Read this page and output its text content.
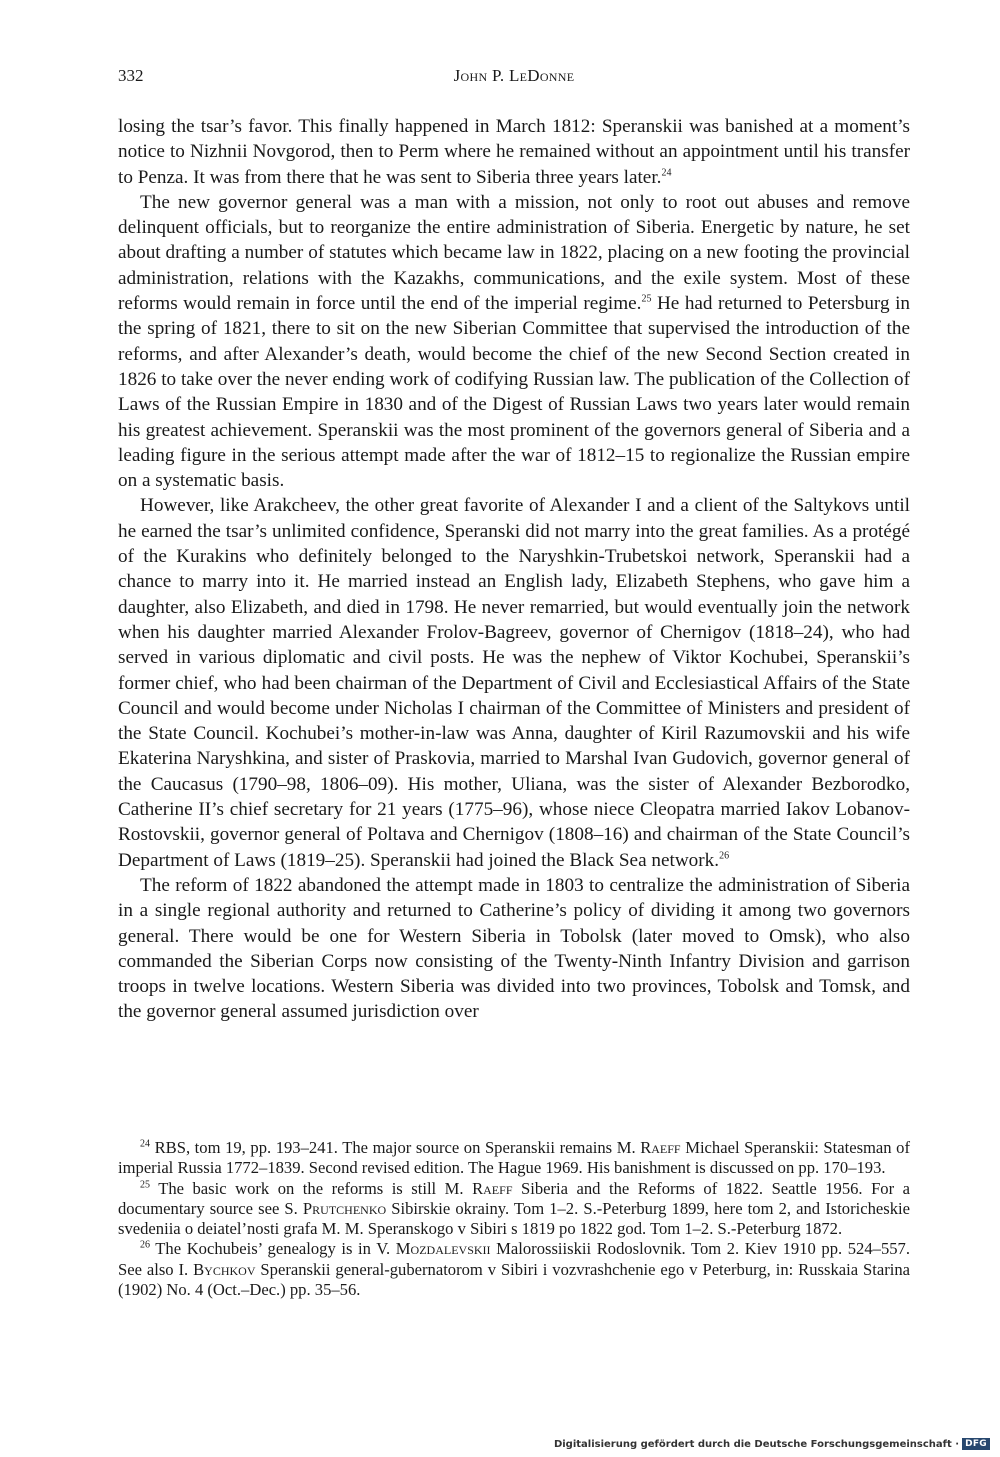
332	John P. LeDonne

losing the tsar’s favor. This finally happened in March 1812: Speranskii was banished at a moment’s notice to Nizhnii Novgorod, then to Perm where he remained without an appointment until his transfer to Penza. It was from there that he was sent to Siberia three years later.$^{24}$

The new governor general was a man with a mission, not only to root out abuses and remove delinquent officials, but to reorganize the entire administration of Siberia. Energetic by nature, he set about drafting a number of statutes which became law in 1822, placing on a new footing the provincial administration, relations with the Kazakhs, communications, and the exile system. Most of these reforms would remain in force until the end of the imperial regime.$^{25}$ He had returned to Petersburg in the spring of 1821, there to sit on the new Siberian Committee that supervised the introduction of the reforms, and after Alexander’s death, would become the chief of the new Second Section created in 1826 to take over the never ending work of codifying Russian law. The publication of the Collection of Laws of the Russian Empire in 1830 and of the Digest of Russian Laws two years later would remain his greatest achievement. Speranskii was the most prominent of the governors general of Siberia and a leading figure in the serious attempt made after the war of 1812–15 to regionalize the Russian empire on a systematic basis.

However, like Arakcheev, the other great favorite of Alexander I and a client of the Saltykovs until he earned the tsar’s unlimited confidence, Speranski did not marry into the great families. As a protégé of the Kurakins who definitely belonged to the Naryshkin-Trubetskoi network, Speranskii had a chance to marry into it. He married instead an English lady, Elizabeth Stephens, who gave him a daughter, also Elizabeth, and died in 1798. He never remarried, but would eventually join the network when his daughter married Alexander Frolov-Bagreev, governor of Chernigov (1818–24), who had served in various diplomatic and civil posts. He was the nephew of Viktor Kochubei, Speranskii’s former chief, who had been chairman of the Department of Civil and Ecclesiastical Affairs of the State Council and would become under Nicholas I chairman of the Committee of Ministers and president of the State Council. Kochubei’s mother-in-law was Anna, daughter of Kiril Razumovskii and his wife Ekaterina Naryshkina, and sister of Praskovia, married to Marshal Ivan Gudovich, governor general of the Caucasus (1790–98, 1806–09). His mother, Uliana, was the sister of Alexander Bezborodko, Catherine II’s chief secretary for 21 years (1775–96), whose niece Cleopatra married Iakov Lobanov-Rostovskii, governor general of Poltava and Chernigov (1808–16) and chairman of the State Council’s Department of Laws (1819–25). Speranskii had joined the Black Sea network.$^{26}$

The reform of 1822 abandoned the attempt made in 1803 to centralize the administration of Siberia in a single regional authority and returned to Catherine’s policy of dividing it among two governors general. There would be one for Western Siberia in Tobolsk (later moved to Omsk), who also commanded the Siberian Corps now consisting of the Twenty-Ninth Infantry Division and garrison troops in twelve locations. Western Siberia was divided into two provinces, Tobolsk and Tomsk, and the governor general assumed jurisdiction over

$^{24}$ RBS, tom 19, pp. 193–241. The major source on Speranskii remains M. Raeff Michael Speranskii: Statesman of imperial Russia 1772–1839. Second revised edition. The Hague 1969. His banishment is discussed on pp. 170–193.

$^{25}$ The basic work on the reforms is still M. Raeff Siberia and the Reforms of 1822. Seattle 1956. For a documentary source see S. Prutchenko Sibirskie okrainy. Tom 1–2. S.-Peterburg 1899, here tom 2, and Istoricheskie svedeniia o deiatel’nosti grafa M. M. Speranskogo v Sibiri s 1819 po 1822 god. Tom 1–2. S.-Peterburg 1872.

$^{26}$ The Kochubeis’ genealogy is in V. Mozdalevskii Malorossiiskii Rodoslovnik. Tom 2. Kiev 1910 pp. 524–557. See also I. Bychkov Speranskii general-gubernatorom v Sibiri i vozvrashchenie ego v Peterburg, in: Russkaia Starina (1902) No. 4 (Oct.–Dec.) pp. 35–56.

Digitalisierung gefördert durch die Deutsche Forschungsgemeinschaft · DFG
